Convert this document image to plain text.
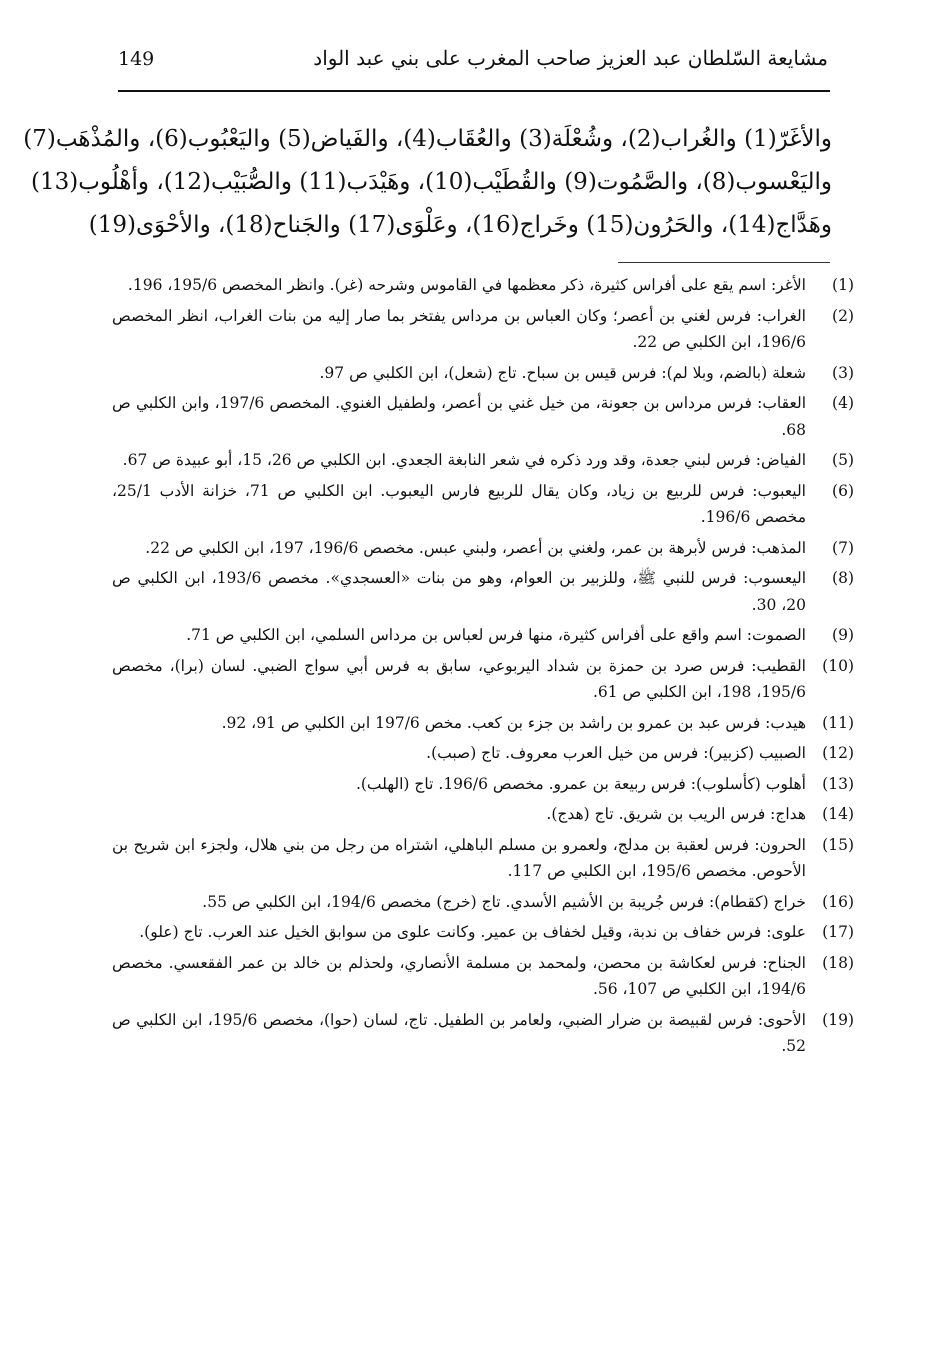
149	مشايعة السّلطان عبد العزيز صاحب المغرب على بني عبد الواد
والأغَرّ(1) والغُراب(2)، وشُعْلَة(3) والعُقَاب(4)، والفَياض(5) واليَعْبُوب(6)، والمُذْهَب(7)
واليَعْسوب(8)، والصَّمُوت(9) والقُطَيْب(10)، وهَيْدَب(11) والصُّبَيْب(12)، وأهْلُوب(13)
وهَدَّاج(14)، والحَرُون(15) وخَراج(16)، وعَلْوَى(17) والجَناح(18)، والأحْوَى(19)
(1)
الأغر: اسم يقع على أفراس كثيرة، ذكر معظمها في القاموس وشرحه (غر). وانظر المخصص 195/6، 196.
(2)
الغراب: فرس لغني بن أعصر؛ وكان العباس بن مرداس يفتخر بما صار إليه من بنات الغراب، انظر المخصص 196/6، ابن الكلبي ص 22.
(3)
شعلة (بالضم، وبلا لم): فرس قيس بن سباح. تاج (شعل)، ابن الكلبي ص 97.
(4)
العقاب: فرس مرداس بن جعونة، من خيل غني بن أعصر، ولطفيل الغنوي. المخصص 197/6، وابن الكلبي ص 68.
(5)
الفياض: فرس لبني جعدة، وقد ورد ذكره في شعر النابغة الجعدي. ابن الكلبي ص 26، 15، أبو عبيدة ص 67.
(6)
اليعبوب: فرس للربيع بن زياد، وكان يقال للربيع فارس اليعبوب. ابن الكلبي ص 71، خزانة الأدب 25/1، مخصص 196/6.
(7)
المذهب: فرس لأبرهة بن عمر، ولغني بن أعصر، ولبني عبس. مخصص 196/6، 197، ابن الكلبي ص 22.
(8)
اليعسوب: فرس للنبي ﷺ، وللزبير بن العوام، وهو من بنات «العسجدي». مخصص 193/6، ابن الكلبي ص 20، 30.
(9)
الصموت: اسم واقع على أفراس كثيرة، منها فرس لعباس بن مرداس السلمي، ابن الكلبي ص 71.
(10)
القطيب: فرس صرد بن حمزة بن شداد اليربوعي، سابق به فرس أبي سواج الضبي. لسان (برا)، مخصص 195/6، 198، ابن الكلبي ص 61.
(11)
هيدب: فرس عبد بن عمرو بن راشد بن جزء بن كعب. مخص 197/6 ابن الكلبي ص 91، 92.
(12)
الصبيب (كزبير): فرس من خيل العرب معروف. تاج (صبب).
(13)
أهلوب (كأسلوب): فرس ربيعة بن عمرو. مخصص 196/6. تاج (الهلب).
(14)
هداج: فرس الريب بن شريق. تاج (هدج).
(15)
الحرون: فرس لعقبة بن مدلج، ولعمرو بن مسلم الباهلي، اشتراه من رجل من بني هلال، ولجزء ابن شريح بن الأحوص. مخصص 195/6، ابن الكلبي ص 117.
(16)
خراج (كقطام): فرس جُريبة بن الأشيم الأسدي. تاج (خرج) مخصص 194/6، ابن الكلبي ص 55.
(17)
علوى: فرس خفاف بن ندبة، وقيل لخفاف بن عمير. وكانت علوى من سوابق الخيل عند العرب. تاج (علو).
(18)
الجناح: فرس لعكاشة بن محصن، ولمحمد بن مسلمة الأنصاري، ولحذلم بن خالد بن عمر الفقعسي. مخصص 194/6، ابن الكلبي ص 107، 56.
(19)
الأحوى: فرس لقبيصة بن ضرار الضبي، ولعامر بن الطفيل. تاج، لسان (حوا)، مخصص 195/6، ابن الكلبي ص 52.
